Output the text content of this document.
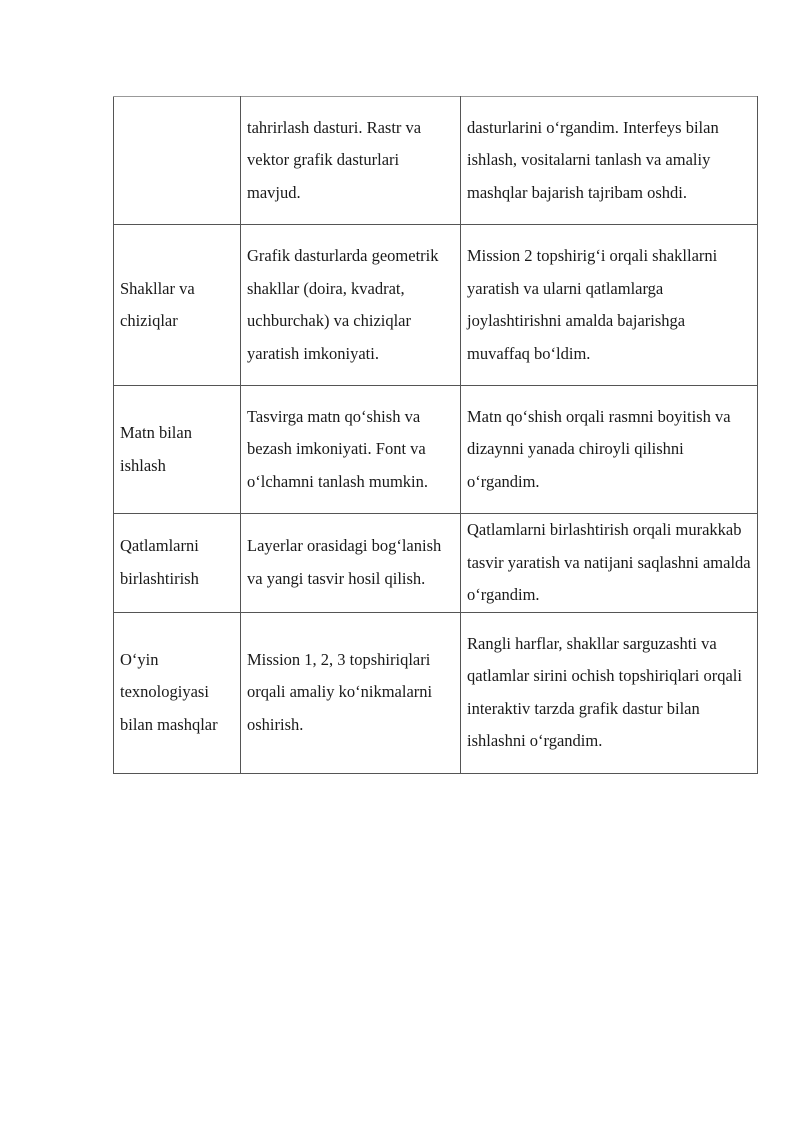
	tahrirlash dasturi. Rastr va vektor grafik dasturlari mavjud.	dasturlarini o‘rgandim. Interfeys bilan ishlash, vositalarni tanlash va amaliy mashqlar bajarish tajribam oshdi.

Shakllar va chiziqlar	Grafik dasturlarda geometrik shakllar (doira, kvadrat, uchburchak) va chiziqlar yaratish imkoniyati.	Mission 2 topshirig‘i orqali shakllarni yaratish va ularni qatlamlarga joylashtirishni amalda bajarishga muvaffaq bo‘ldim.

Matn bilan ishlash	Tasvirga matn qo‘shish va bezash imkoniyati. Font va o‘lchamni tanlash mumkin.	Matn qo‘shish orqali rasmni boyitish va dizaynni yanada chiroyli qilishni o‘rgandim.

Qatlamlarni birlashtirish	Layerlar orasidagi bog‘lanish va yangi tasvir hosil qilish.	Qatlamlarni birlashtirish orqali murakkab tasvir yaratish va natijani saqlashni amalda o‘rgandim.

O‘yin texnologiyasi bilan mashqlar	Mission 1, 2, 3 topshiriqlari orqali amaliy ko‘nikmalarni oshirish.	Rangli harflar, shakllar sarguzashti va qatlamlar sirini ochish topshiriqlari orqali interaktiv tarzda grafik dastur bilan ishlashni o‘rgandim.
